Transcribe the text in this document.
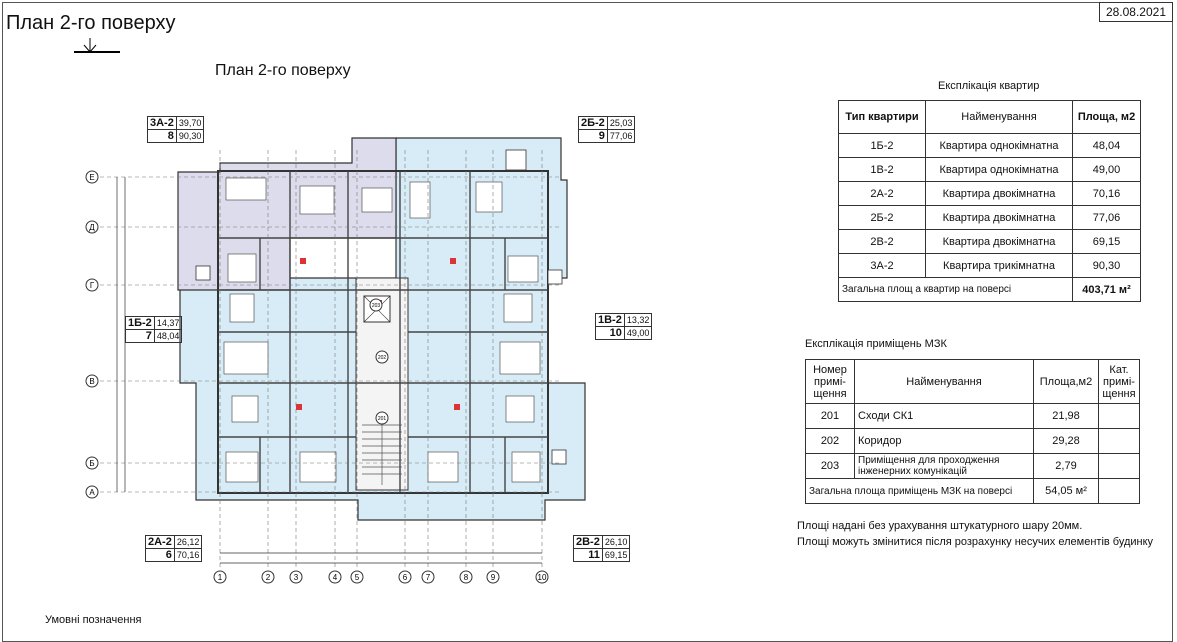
28.08.2021
План 2-го поверху
План 2-го поверху
Е
Д
Г
В
Б
А
1	2	3	4 5	6 7	8	9	10
202
201
203
3А-2	39,70
8	90,30
2Б-2	25,03
9	77,06
1Б-2	14,37
7	48,04
1В-2	13,32
10	49,00
2А-2	26,12
6	70,16
2В-2	26,10
11	69,15
Експлікація квартир
Тип квартири	Найменування	Площа, м2
1Б-2	Квартира однокімнатна	48,04
1В-2	Квартира однокімнатна	49,00
2А-2	Квартира двокімнатна	70,16
2Б-2	Квартира двокімнатна	77,06
2В-2	Квартира двокімнатна	69,15
3А-2	Квартира трикімнатна	90,30
Загальна площ а квартир на поверсі		403,71 м²
Експлікація приміщень МЗК
Номер примі-щення	Найменування	Площа,м2	Кат. примі-щення
201	Сходи СК1	21,98	
202	Коридор	29,28	
203	Приміщення для проходження інженерних комунікацій	2,79	
Загальна площа приміщень МЗК на поверсі		54,05 м²	
Площі надані без урахування штукатурного шару 20мм.
Площі можуть змінитися після розрахунку несучих елементів будинку
Умовні позначення
